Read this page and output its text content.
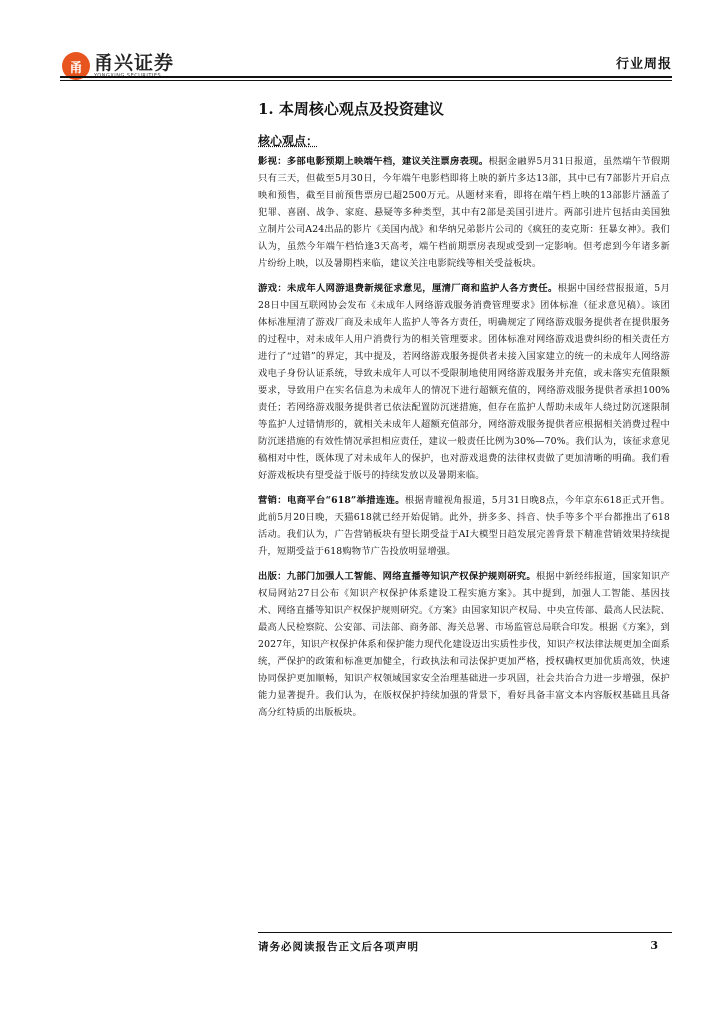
甬 甬兴证券
YONGXING SECURITIES
行业周报
1. 本周核心观点及投资建议
核心观点：

影视：多部电影预期上映端午档，建议关注票房表现。根据金融界5月31日报道，虽然端午节假期只有三天，但截至5月30日，今年端午电影档即将上映的新片多达13部，其中已有7部影片开启点映和预售，截至目前预售票房已超2500万元。从题材来看，即将在端午档上映的13部影片涵盖了犯罪、喜剧、战争、家庭、悬疑等多种类型，其中有2部是美国引进片。两部引进片包括由美国独立制片公司A24出品的影片《美国内战》和华纳兄弟影片公司的《疯狂的麦克斯：狂暴女神》。我们认为，虽然今年端午档恰逢3天高考，端午档前期票房表现或受到一定影响。但考虑到今年诸多新片纷纷上映，以及暑期档来临，建议关注电影院线等相关受益板块。

游戏：未成年人网游退费新规征求意见，厘清厂商和监护人各方责任。根据中国经营报报道，5月28日中国互联网协会发布《未成年人网络游戏服务消费管理要求》团体标准（征求意见稿）。该团体标准厘清了游戏厂商及未成年人监护人等各方责任，明确规定了网络游戏服务提供者在提供服务的过程中，对未成年人用户消费行为的相关管理要求。团体标准对网络游戏退费纠纷的相关责任方进行了“过错”的界定，其中提及，若网络游戏服务提供者未接入国家建立的统一的未成年人网络游戏电子身份认证系统，导致未成年人可以不受限制地使用网络游戏服务并充值，或未落实充值限额要求，导致用户在实名信息为未成年人的情况下进行超额充值的，网络游戏服务提供者承担100%责任；若网络游戏服务提供者已依法配置防沉迷措施，但存在监护人帮助未成年人绕过防沉迷限制等监护人过错情形的，就相关未成年人超额充值部分，网络游戏服务提供者应根据相关消费过程中防沉迷措施的有效性情况承担相应责任，建议一般责任比例为30%—70%。我们认为，该征求意见稿相对中性，既体现了对未成年人的保护，也对游戏退费的法律权责做了更加清晰的明确。我们看好游戏板块有望受益于版号的持续发放以及暑期来临。

营销：电商平台“618”举措连连。根据青瞳视角报道，5月31日晚8点，今年京东618正式开售。此前5月20日晚，天猫618就已经开始促销。此外，拼多多、抖音、快手等多个平台都推出了618活动。我们认为，广告营销板块有望长期受益于AI大模型日趋发展完善背景下精准营销效果持续提升，短期受益于618购物节广告投放明显增强。

出版：九部门加强人工智能、网络直播等知识产权保护规则研究。根据中新经纬报道，国家知识产权局网站27日公布《知识产权保护体系建设工程实施方案》。其中提到，加强人工智能、基因技术、网络直播等知识产权保护规则研究。《方案》由国家知识产权局、中央宣传部、最高人民法院、最高人民检察院、公安部、司法部、商务部、海关总署、市场监管总局联合印发。根据《方案》，到2027年，知识产权保护体系和保护能力现代化建设迈出实质性步伐，知识产权法律法规更加全面系统，严保护的政策和标准更加健全，行政执法和司法保护更加严格，授权确权更加优质高效，快速协同保护更加顺畅，知识产权领域国家安全治理基础进一步巩固，社会共治合力进一步增强，保护能力显著提升。我们认为，在版权保护持续加强的背景下，看好具备丰富文本内容版权基础且具备高分红特质的出版板块。

请务必阅读报告正文后各项声明	3
